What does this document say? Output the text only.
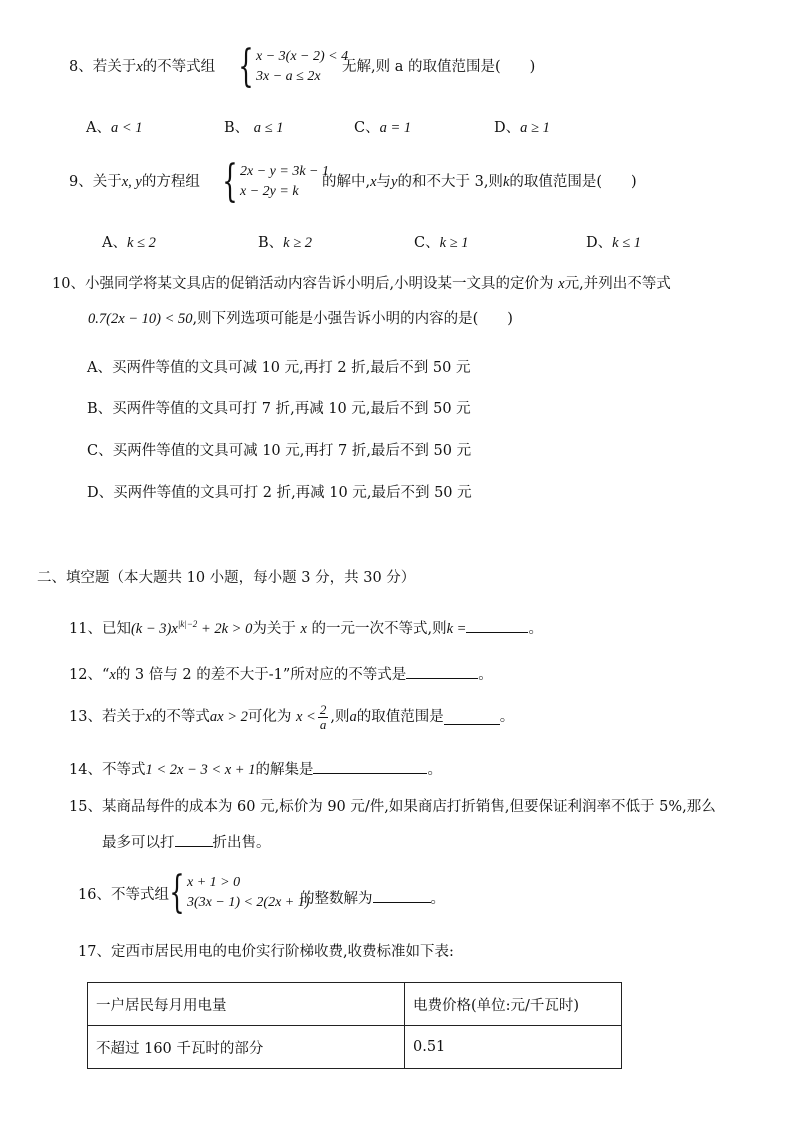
8、若关于x的不等式组 { x − 3(x − 2) < 4
3x − a ≤ 2x
无解,则 a 的取值范围是(　　)
A、a < 1	B、 a ≤ 1	C、a = 1	D、a ≥ 1
9、关于x, y的方程组 { 2x − y = 3k − 1
x − 2y = k
的解中,x与y的和不大于 3,则k的取值范围是(　　)
A、k ≤ 2	B、k ≥ 2	C、k ≥ 1	D、k ≤ 1
10、小强同学将某文具店的促销活动内容告诉小明后,小明设某一文具的定价为 x元,并列出不等式
0.7(2x − 10) < 50,则下列选项可能是小强告诉小明的内容的是(　　)
A、买两件等值的文具可减 10 元,再打 2 折,最后不到 50 元
B、买两件等值的文具可打 7 折,再减 10 元,最后不到 50 元
C、买两件等值的文具可减 10 元,再打 7 折,最后不到 50 元
D、买两件等值的文具可打 2 折,再减 10 元,最后不到 50 元
二、填空题（本大题共 10 小题，每小题 3 分，共 30 分）
11、已知$(k - 3)x^{|k|-2} + 2k > 0$为关于 x 的一元一次不等式,则k =	。
12、“x的 3 倍与 2 的差不大于-1”所对应的不等式是	。
13、若关于 x 的不等式 ax > 2 可化为
$x < \frac{2}{a}$ ,则 a 的取值范围是	。
14、不等式1 < 2x − 3 < x + 1的解集是	。
15、某商品每件的成本为 60 元,标价为 90 元/件,如果商店打折销售,但要保证利润率不低于 5%,那么
最多可以打	折出售。
16、不等式组 { x + 1 > 0
3(3x − 1) < 2(2x + 1)
的整数解为	。
17、定西市居民用电的电价实行阶梯收费,收费标准如下表:
一户居民每月用电量	电费价格(单位:元/千瓦时)
不超过 160 千瓦时的部分	0.51
